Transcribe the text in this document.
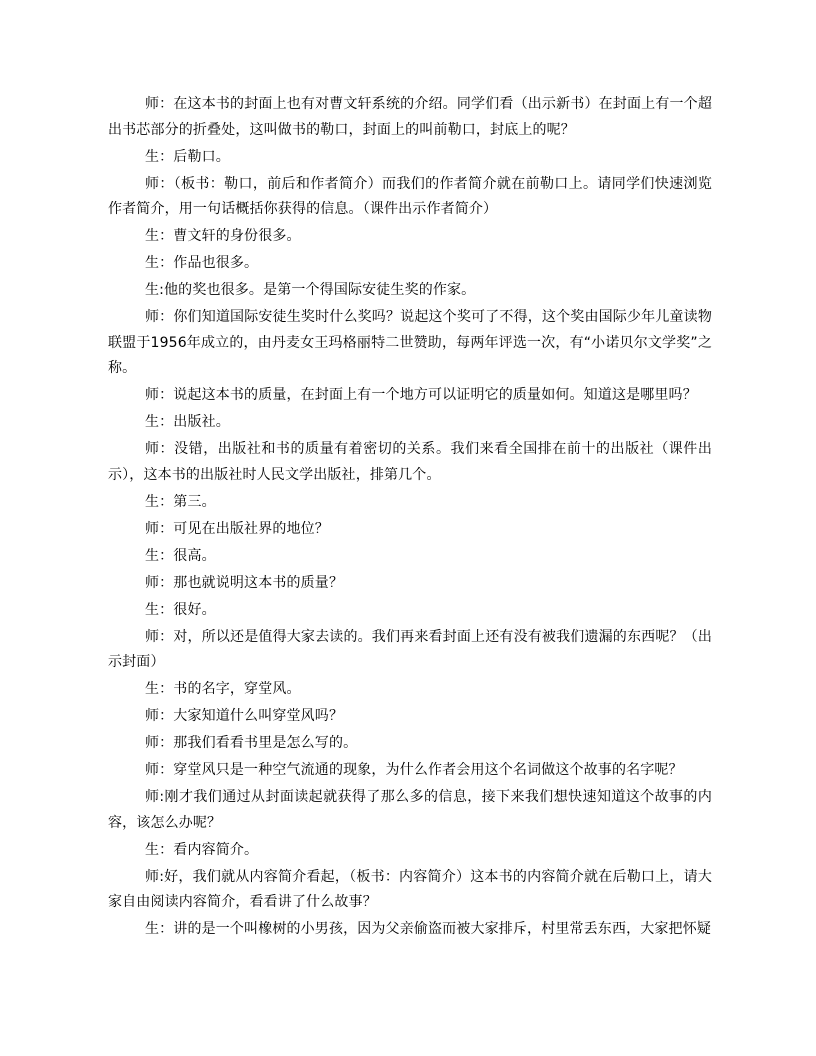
师：在这本书的封面上也有对曹文轩系统的介绍。同学们看（出示新书）在封面上有一个超出书芯部分的折叠处，这叫做书的勒口，封面上的叫前勒口，封底上的呢？

生：后勒口。

师：（板书：勒口，前后和作者简介）而我们的作者简介就在前勒口上。请同学们快速浏览作者简介，用一句话概括你获得的信息。（课件出示作者简介）

生：曹文轩的身份很多。

生：作品也很多。

生:他的奖也很多。是第一个得国际安徒生奖的作家。

师：你们知道国际安徒生奖时什么奖吗？说起这个奖可了不得，这个奖由国际少年儿童读物联盟于1956年成立的，由丹麦女王玛格丽特二世赞助，每两年评选一次，有“小诺贝尔文学奖”之称。

师：说起这本书的质量，在封面上有一个地方可以证明它的质量如何。知道这是哪里吗？

生：出版社。

师：没错，出版社和书的质量有着密切的关系。我们来看全国排在前十的出版社（课件出示），这本书的出版社时人民文学出版社，排第几个。

生：第三。

师：可见在出版社界的地位？

生：很高。

师：那也就说明这本书的质量？

生：很好。

师：对，所以还是值得大家去读的。我们再来看封面上还有没有被我们遗漏的东西呢？（出示封面）

生：书的名字，穿堂风。

师：大家知道什么叫穿堂风吗？

师：那我们看看书里是怎么写的。

师：穿堂风只是一种空气流通的现象，为什么作者会用这个名词做这个故事的名字呢？

师:刚才我们通过从封面读起就获得了那么多的信息，接下来我们想快速知道这个故事的内容，该怎么办呢？

生：看内容简介。

师:好，我们就从内容简介看起，（板书：内容简介）这本书的内容简介就在后勒口上，请大家自由阅读内容简介，看看讲了什么故事？

生：讲的是一个叫橡树的小男孩，因为父亲偷盗而被大家排斥，村里常丢东西，大家把怀疑
